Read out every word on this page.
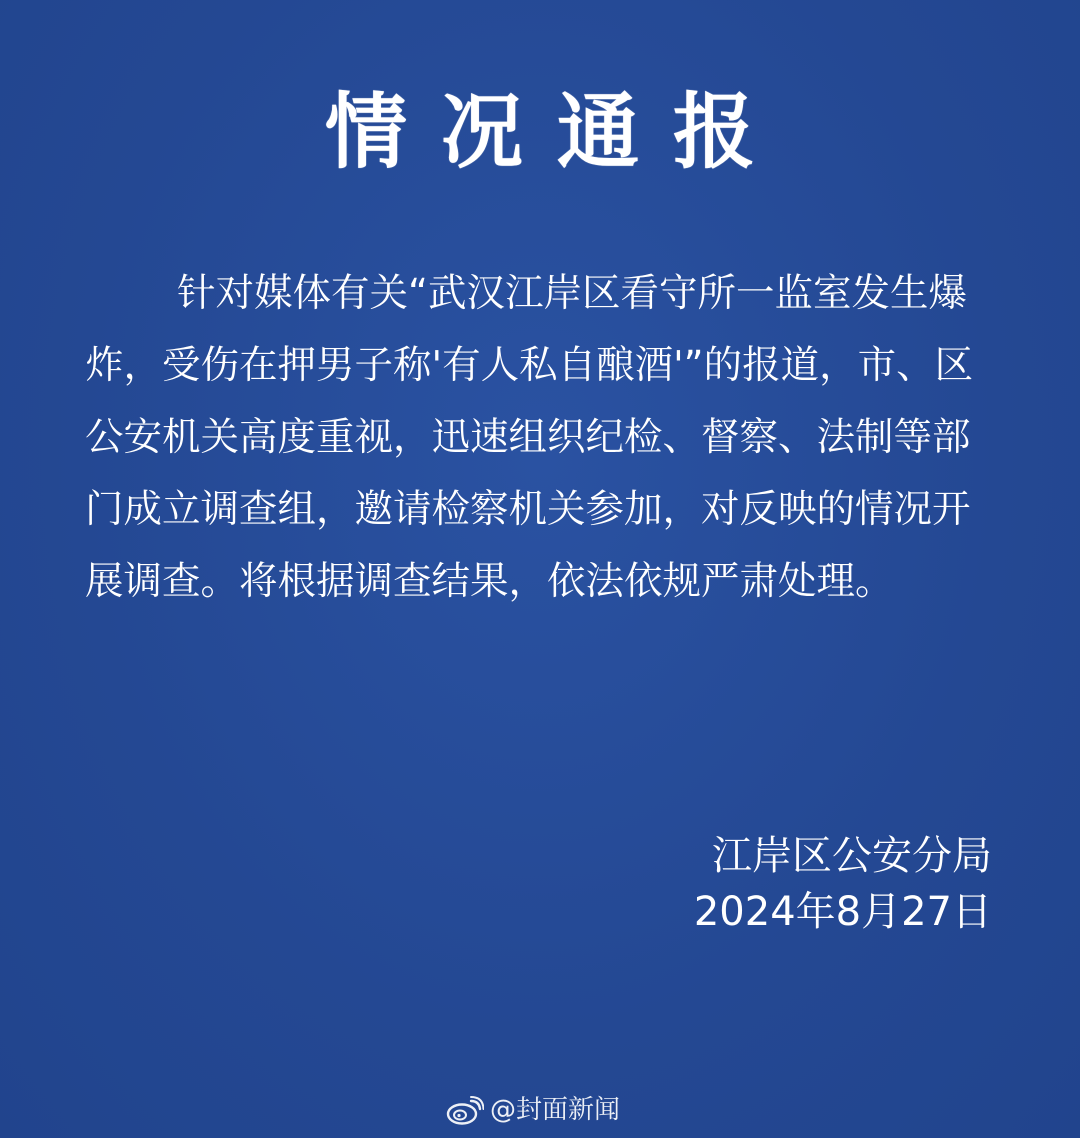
情况通报

针对媒体有关“武汉江岸区看守所一监室发生爆炸，受伤在押男子称'有人私自酿酒'”的报道，市、区公安机关高度重视，迅速组织纪检、督察、法制等部门成立调查组，邀请检察机关参加，对反映的情况开展调查。将根据调查结果，依法依规严肃处理。

江岸区公安分局
2024年8月27日
@封面新闻
